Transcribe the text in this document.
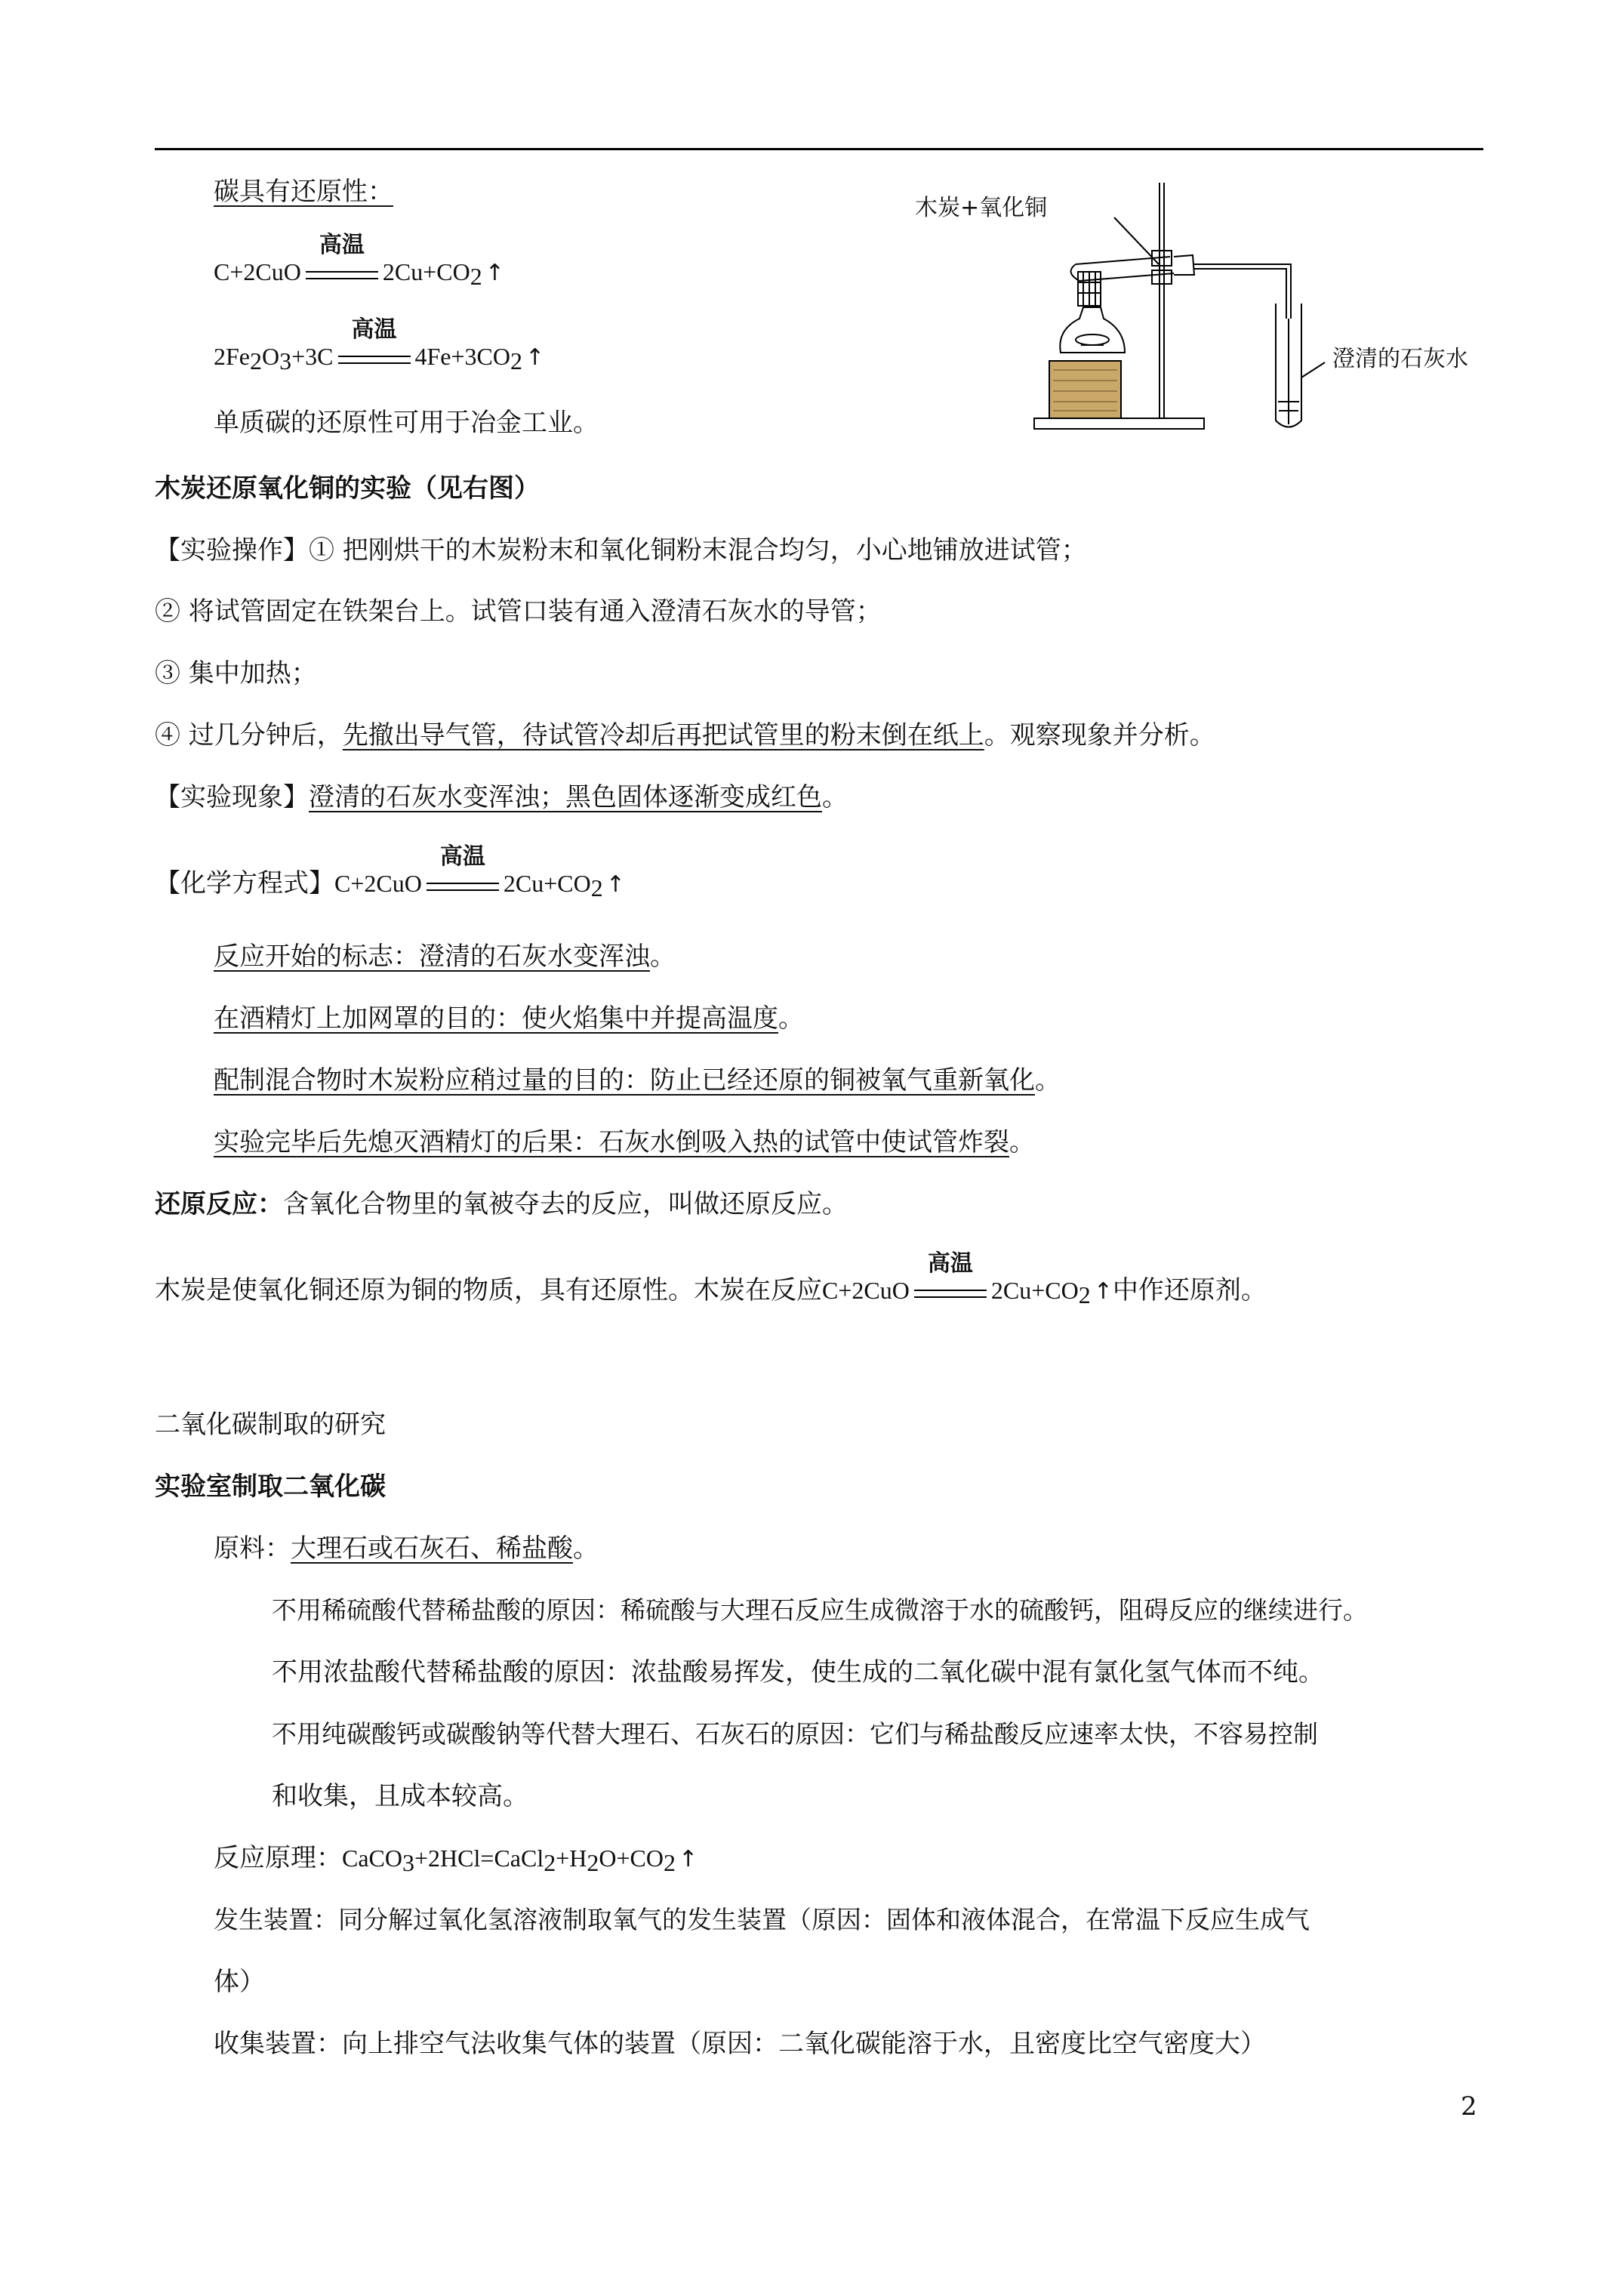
碳具有还原性：
C+2CuO
高温
$2Cu+CO_2$ ↑
$2Fe_2O_3+3C$
高温
$4Fe+3CO_2$ ↑
单质碳的还原性可用于冶金工业。
木炭+氧化铜
澄清的石灰水
木炭还原氧化铜的实验（见右图）
【实验操作】① 把刚烘干的木炭粉末和氧化铜粉末混合均匀，小心地铺放进试管；
② 将试管固定在铁架台上。试管口装有通入澄清石灰水的导管；
③ 集中加热；
④ 过几分钟后，先撤出导气管，待试管冷却后再把试管里的粉末倒在纸上。观察现象并分析。
【实验现象】澄清的石灰水变浑浊；黑色固体逐渐变成红色。
【化学方程式】C+2CuO
高温
$2Cu+CO_2$ ↑
反应开始的标志：澄清的石灰水变浑浊。
在酒精灯上加网罩的目的：使火焰集中并提高温度。
配制混合物时木炭粉应稍过量的目的：防止已经还原的铜被氧气重新氧化。
实验完毕后先熄灭酒精灯的后果：石灰水倒吸入热的试管中使试管炸裂。
还原反应：含氧化合物里的氧被夺去的反应，叫做还原反应。
木炭是使氧化铜还原为铜的物质，具有还原性。木炭在反应C+2CuO
高温
$2Cu+CO_2$ ↑中作还原剂。
二氧化碳制取的研究
实验室制取二氧化碳
原料：大理石或石灰石、稀盐酸。
不用稀硫酸代替稀盐酸的原因：稀硫酸与大理石反应生成微溶于水的硫酸钙，阻碍反应的继续进行。
不用浓盐酸代替稀盐酸的原因：浓盐酸易挥发，使生成的二氧化碳中混有氯化氢气体而不纯。
不用纯碳酸钙或碳酸钠等代替大理石、石灰石的原因：它们与稀盐酸反应速率太快，不容易控制
和收集，且成本较高。
反应原理：$CaCO_3+2HCl=CaCl_2+H_2O+CO_2$ ↑
发生装置：同分解过氧化氢溶液制取氧气的发生装置（原因：固体和液体混合，在常温下反应生成气
体）
收集装置：向上排空气法收集气体的装置（原因：二氧化碳能溶于水，且密度比空气密度大）
2
